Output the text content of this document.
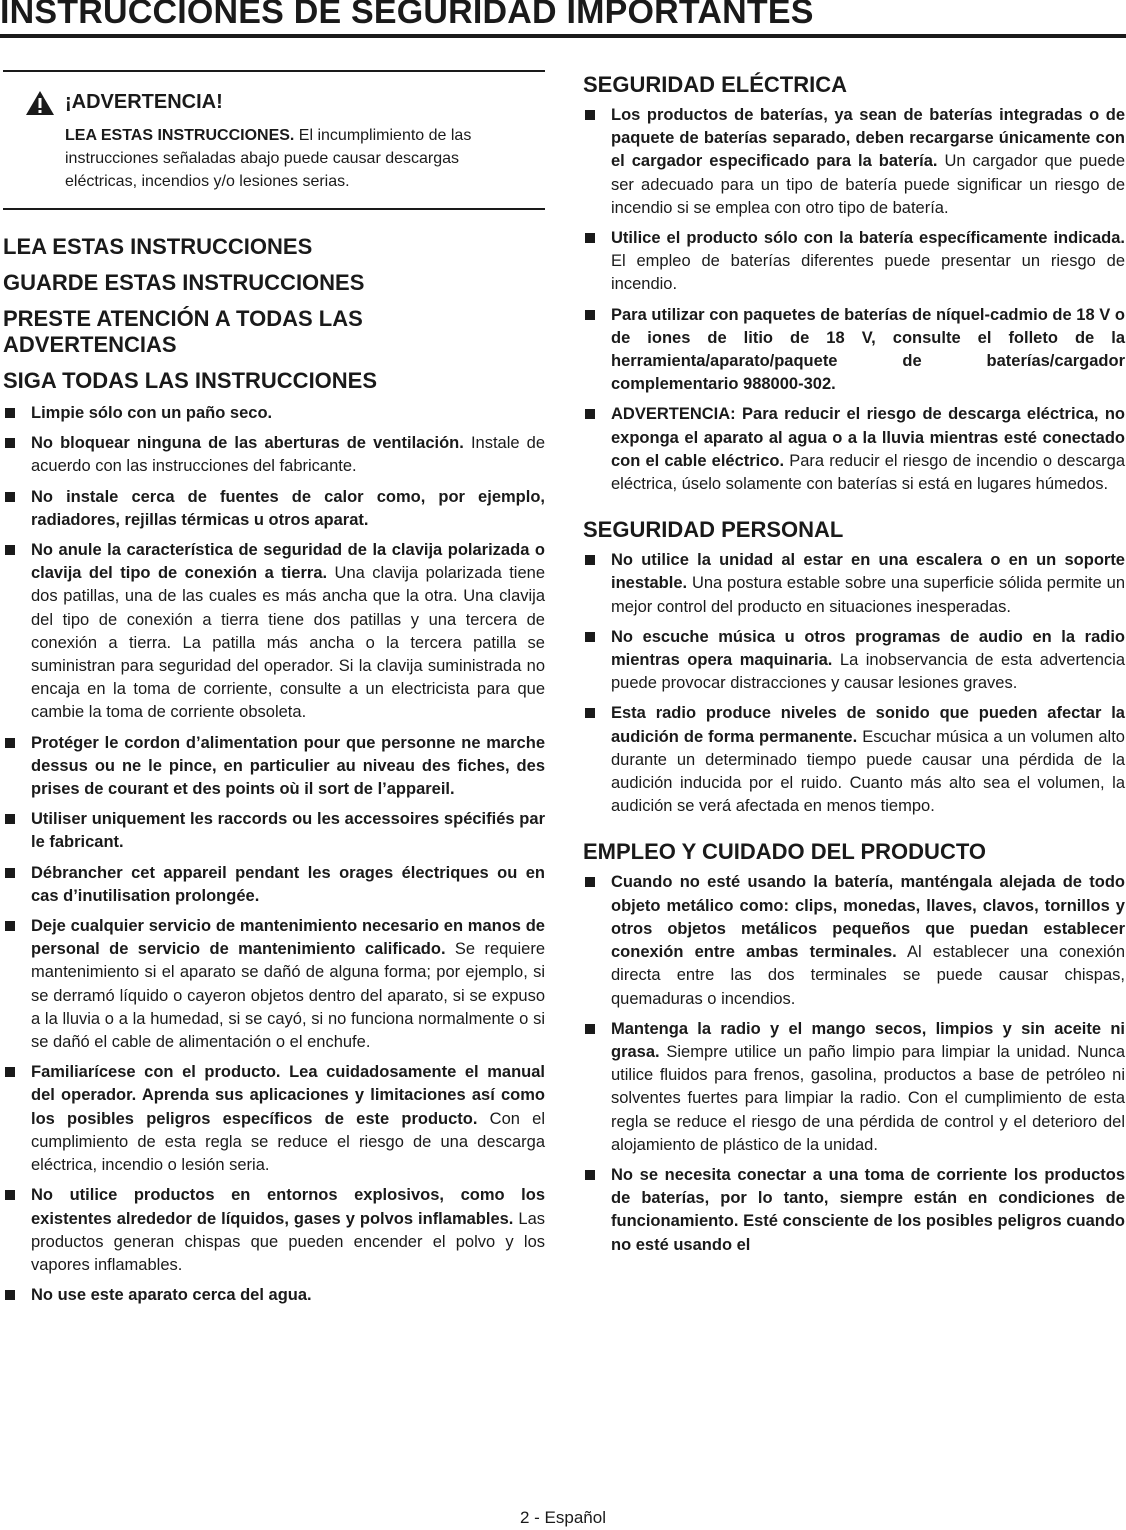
INSTRUCCIONES DE SEGURIDAD IMPORTANTES

¡ADVERTENCIA!

LEA ESTAS INSTRUCCIONES. El incumplimiento de las instrucciones señaladas abajo puede causar descargas eléctricas, incendios y/o lesiones serias.

LEA ESTAS INSTRUCCIONES

GUARDE ESTAS INSTRUCCIONES

PRESTE ATENCIÓN A TODAS LAS ADVERTENCIAS

SIGA TODAS LAS INSTRUCCIONES

Limpie sólo con un paño seco.
No bloquear ninguna de las aberturas de ventilación. Instale de acuerdo con las instrucciones del fabricante.
No instale cerca de fuentes de calor como, por ejemplo, radiadores, rejillas térmicas u otros aparat.
No anule la característica de seguridad de la clavija polarizada o clavija del tipo de conexión a tierra. Una clavija polarizada tiene dos patillas, una de las cuales es más ancha que la otra. Una clavija del tipo de conexión a tierra tiene dos patillas y una tercera de conexión a tierra. La patilla más ancha o la tercera patilla se suministran para seguridad del operador. Si la clavija suministrada no encaja en la toma de corriente, consulte a un electricista para que cambie la toma de corriente obsoleta.
Protéger le cordon d’alimentation pour que personne ne marche dessus ou ne le pince, en particulier au niveau des fiches, des prises de courant et des points où il sort de l’appareil.
Utiliser uniquement les raccords ou les accessoires spécifiés par le fabricant.
Débrancher cet appareil pendant les orages électriques ou en cas d’inutilisation prolongée.
Deje cualquier servicio de mantenimiento necesario en manos de personal de servicio de mantenimiento calificado. Se requiere mantenimiento si el aparato se dañó de alguna forma; por ejemplo, si se derramó líquido o cayeron objetos dentro del aparato, si se expuso a la lluvia o a la humedad, si se cayó, si no funciona normalmente o si se dañó el cable de alimentación o el enchufe.
Familiarícese con el producto. Lea cuidadosamente el manual del operador. Aprenda sus aplicaciones y limitaciones así como los posibles peligros específicos de este producto. Con el cumplimiento de esta regla se reduce el riesgo de una descarga eléctrica, incendio o lesión seria.
No utilice productos en entornos explosivos, como los existentes alrededor de líquidos, gases y polvos inflamables. Las productos generan chispas que pueden encender el polvo y los vapores inflamables.
No use este aparato cerca del agua.

SEGURIDAD ELÉCTRICA

Los productos de baterías, ya sean de baterías integradas o de paquete de baterías separado, deben recargarse únicamente con el cargador especificado para la batería. Un cargador que puede ser adecuado para un tipo de batería puede significar un riesgo de incendio si se emplea con otro tipo de batería.
Utilice el producto sólo con la batería específicamente indicada. El empleo de baterías diferentes puede presentar un riesgo de incendio.
Para utilizar con paquetes de baterías de níquel-cadmio de 18 V o de iones de litio de 18 V, consulte el folleto de la herramienta/aparato/paquete de baterías/cargador complementario 988000-302.
ADVERTENCIA: Para reducir el riesgo de descarga eléctrica, no exponga el aparato al agua o a la lluvia mientras esté conectado con el cable eléctrico. Para reducir el riesgo de incendio o descarga eléctrica, úselo solamente con baterías si está en lugares húmedos.

SEGURIDAD PERSONAL

No utilice la unidad al estar en una escalera o en un soporte inestable. Una postura estable sobre una superficie sólida permite un mejor control del producto en situaciones inesperadas.
No escuche música u otros programas de audio en la radio mientras opera maquinaria. La inobservancia de esta advertencia puede provocar distracciones y causar lesiones graves.
Esta radio produce niveles de sonido que pueden afectar la audición de forma permanente. Escuchar música a un volumen alto durante un determinado tiempo puede causar una pérdida de la audición inducida por el ruido. Cuanto más alto sea el volumen, la audición se verá afectada en menos tiempo.

EMPLEO Y CUIDADO DEL PRODUCTO

Cuando no esté usando la batería, manténgala alejada de todo objeto metálico como: clips, monedas, llaves, clavos, tornillos y otros objetos metálicos pequeños que puedan establecer conexión entre ambas terminales. Al establecer una conexión directa entre las dos terminales se puede causar chispas, quemaduras o incendios.
Mantenga la radio y el mango secos, limpios y sin aceite ni grasa. Siempre utilice un paño limpio para limpiar la unidad. Nunca utilice fluidos para frenos, gasolina, productos a base de petróleo ni solventes fuertes para limpiar la radio. Con el cumplimiento de esta regla se reduce el riesgo de una pérdida de control y el deterioro del alojamiento de plástico de la unidad.
No se necesita conectar a una toma de corriente los productos de baterías, por lo tanto, siempre están en condiciones de funcionamiento. Esté consciente de los posibles peligros cuando no esté usando el
2 - Español
